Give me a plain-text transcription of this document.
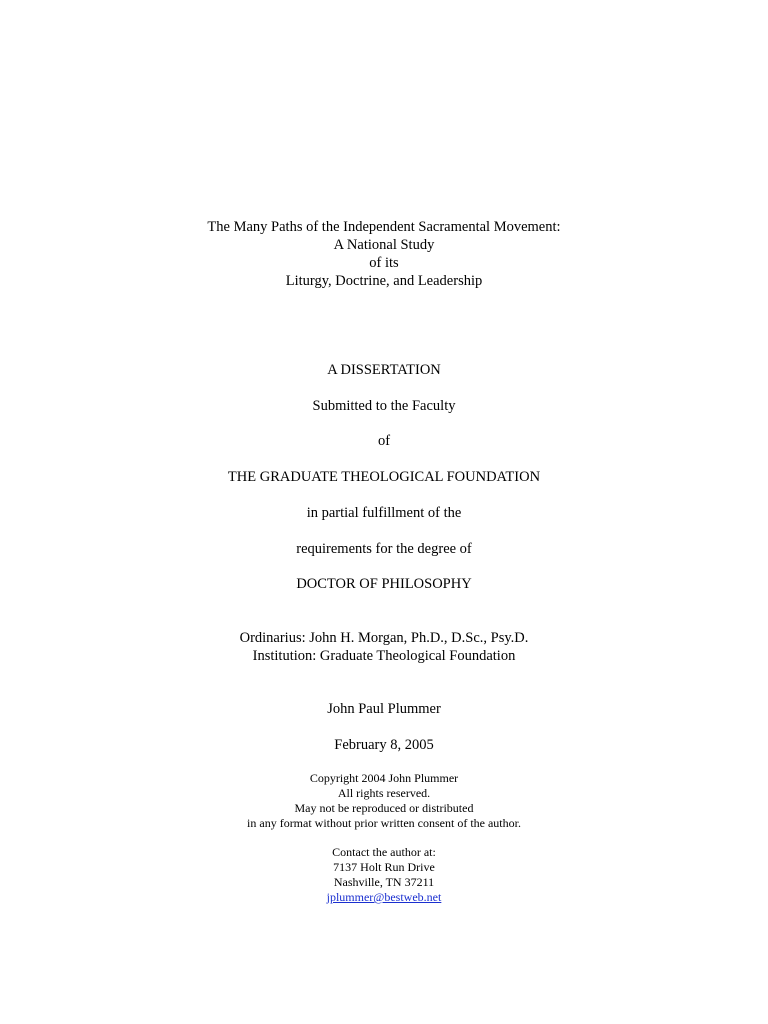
The Many Paths of the Independent Sacramental Movement:
A National Study
of its
Liturgy, Doctrine, and Leadership
A DISSERTATION
Submitted to the Faculty
of
THE GRADUATE THEOLOGICAL FOUNDATION
in partial fulfillment of the
requirements for the degree of
DOCTOR OF PHILOSOPHY
Ordinarius: John H. Morgan, Ph.D., D.Sc., Psy.D.
Institution: Graduate Theological Foundation
John Paul Plummer
February 8, 2005
Copyright 2004 John Plummer
All rights reserved.
May not be reproduced or distributed
in any format without prior written consent of the author.
Contact the author at:
7137 Holt Run Drive
Nashville, TN 37211
jplummer@bestweb.net
